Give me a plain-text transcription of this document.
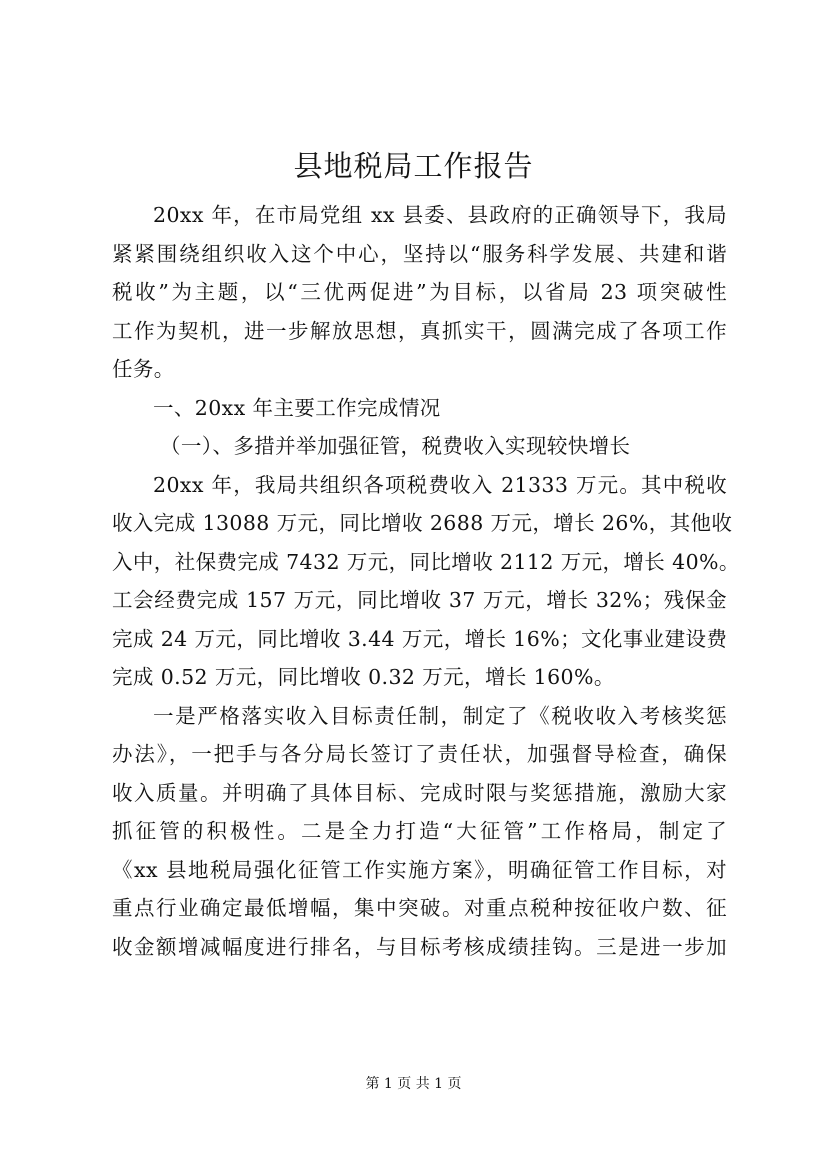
县地税局工作报告
20xx 年，在市局党组 xx 县委、县政府的正确领导下，我局
紧紧围绕组织收入这个中心，坚持以“服务科学发展、共建和谐
税收”为主题，以“三优两促进”为目标，以省局 23 项突破性
工作为契机，进一步解放思想，真抓实干，圆满完成了各项工作
任务。
一、20xx 年主要工作完成情况
（一）、多措并举加强征管，税费收入实现较快增长
20xx 年，我局共组织各项税费收入 21333 万元。其中税收
收入完成 13088 万元，同比增收 2688 万元，增长 26%，其他收
入中，社保费完成 7432 万元，同比增收 2112 万元，增长 40%。
工会经费完成 157 万元，同比增收 37 万元，增长 32%；残保金
完成 24 万元，同比增收 3.44 万元，增长 16%；文化事业建设费
完成 0.52 万元，同比增收 0.32 万元，增长 160%。
一是严格落实收入目标责任制，制定了《税收收入考核奖惩
办法》，一把手与各分局长签订了责任状，加强督导检查，确保
收入质量。并明确了具体目标、完成时限与奖惩措施，激励大家
抓征管的积极性。二是全力打造“大征管”工作格局，制定了
《xx 县地税局强化征管工作实施方案》，明确征管工作目标，对
重点行业确定最低增幅，集中突破。对重点税种按征收户数、征
收金额增减幅度进行排名，与目标考核成绩挂钩。三是进一步加
第 1 页 共 1 页
